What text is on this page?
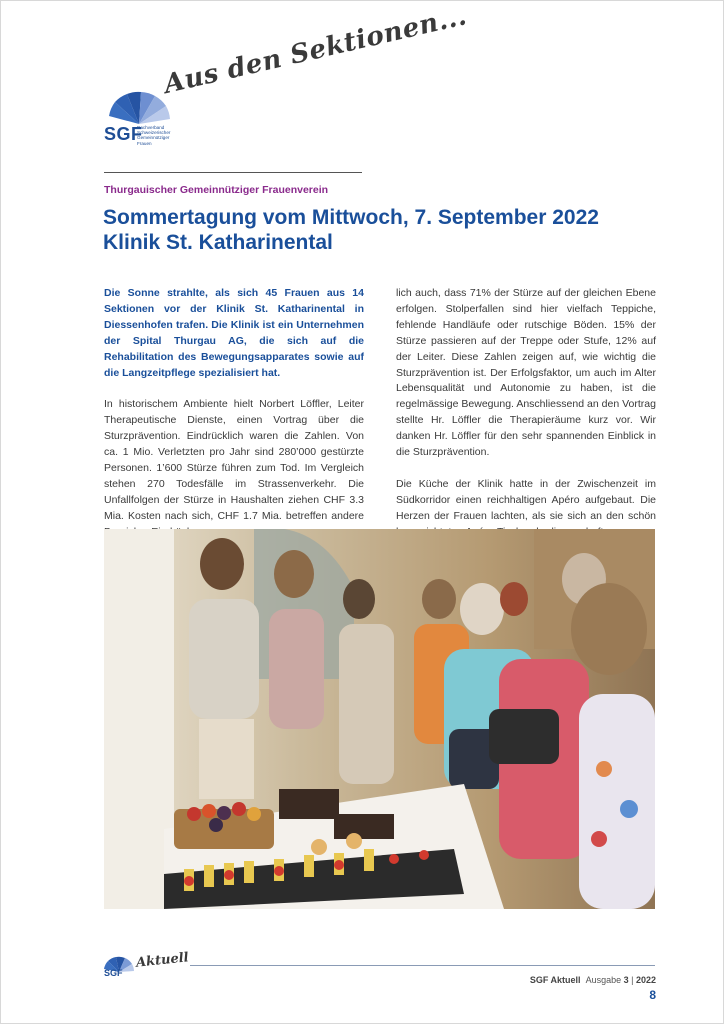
SGF
Dachverband Schweizerischer Gemeinnütziger Frauen
Aus den Sektionen...
Thurgauischer Gemeinnütziger Frauenverein
Sommertagung vom Mittwoch, 7. September 2022
Klinik St. Katharinental

Die Sonne strahlte, als sich 45 Frauen aus 14 Sektionen vor der Klinik St. Katharinental in Diessenhofen trafen. Die Klinik ist ein Unternehmen der Spital Thurgau AG, die sich auf die Rehabilitation des Bewegungsapparates sowie auf die Langzeitpflege spezialisiert hat.

In historischem Ambiente hielt Norbert Löffler, Leiter Therapeutische Dienste, einen Vortrag über die Sturzprävention. Eindrücklich waren die Zahlen. Von ca. 1 Mio. Verletzten pro Jahr sind 280’000 gestürzte Personen. 1’600 Stürze führen zum Tod. Im Vergleich stehen 270 Todesfälle im Strassenverkehr. Die Unfallfolgen der Stürze in Haushalten ziehen CHF 3.3 Mia. Kosten nach sich, CHF 1.7 Mia. betreffen andere

lich auch, dass 71% der Stürze auf der gleichen Ebene erfolgen. Stolperfallen sind hier vielfach Teppiche, fehlende Handläufe oder rutschige Böden. 15% der Stürze passieren auf der Treppe oder Stufe, 12% auf der Leiter. Diese Zahlen zeigen auf, wie wichtig die Sturzprävention ist. Der Erfolgsfaktor, um auch im Alter Lebensqualität und Autonomie zu haben, ist die regelmässige Bewegung. Anschliessend an den Vortrag stellte Hr. Löffler die Therapieräume kurz vor. Wir danken Hr. Löffler für den sehr spannenden Einblick in die Sturzprävention.

Die Küche der Klinik hatte in der Zwischenzeit im Südkorridor einen reichhaltigen Apéro aufgebaut. Die Herzen der Frauen lachten, als sie sich an den schön

SGF
Aktuell
SGF Aktuell Ausgabe 3 | 2022
8
